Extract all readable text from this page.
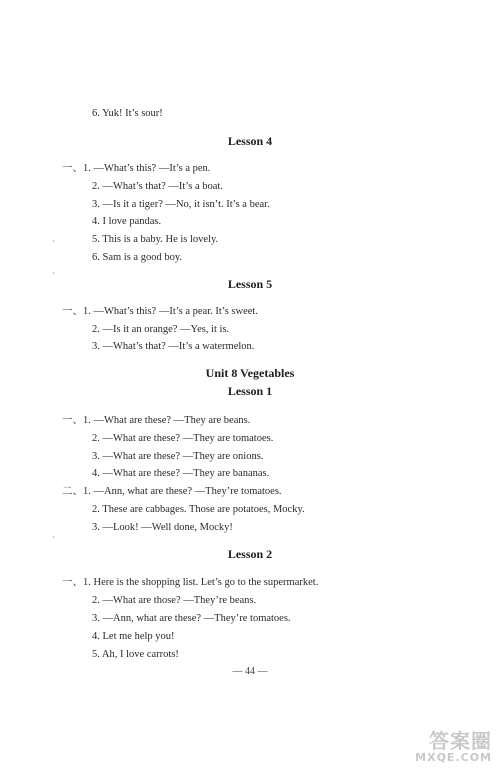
6. Yuk! It’s sour!
Lesson 4
一、1. —What’s this? —It’s a pen.
2. —What’s that? —It’s a boat.
3. —Is it a tiger? —No, it isn’t. It’s a bear.
4. I love pandas.
5. This is a baby. He is lovely.
6. Sam is a good boy.
Lesson 5
一、1. —What’s this? —It’s a pear. It’s sweet.
2. —Is it an orange? —Yes, it is.
3. —What’s that? —It’s a watermelon.
Unit 8 Vegetables
Lesson 1
一、1. —What are these? —They are beans.
2. —What are these? —They are tomatoes.
3. —What are these? —They are onions.
4. —What are these? —They are bananas.
二、1. —Ann, what are these? —They’re tomatoes.
2. These are cabbages. Those are potatoes, Mocky.
3. —Look! —Well done, Mocky!
Lesson 2
一、1. Here is the shopping list. Let’s go to the supermarket.
2. —What are those? —They’re beans.
3. —Ann, what are these? —They’re tomatoes.
4. Let me help you!
5. Ah, I love carrots!
— 44 —
·
·
·
答案圈
MXQE.COM
